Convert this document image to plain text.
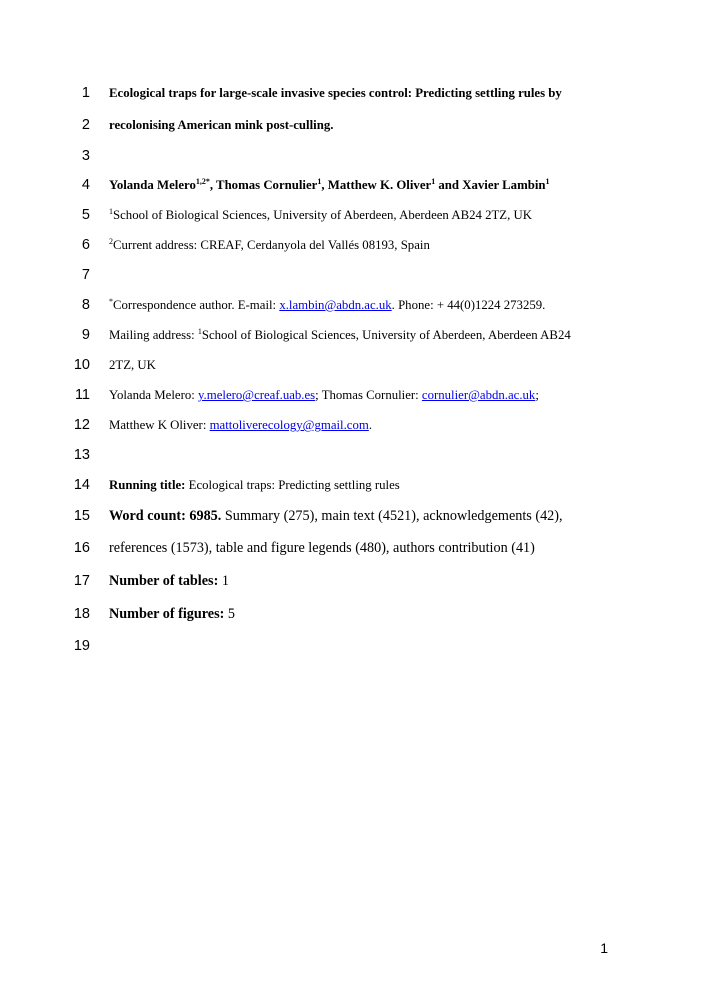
1
2
3
4
5
6
7
8
9
10
11
12
13
14
15
16
17
18
19
Ecological traps for large-scale invasive species control: Predicting settling rules by
recolonising American mink post-culling.
Yolanda Melero$^{1,2*}$, Thomas Cornulier$^1$, Matthew K. Oliver$^1$ and Xavier Lambin$^1$
$^1$School of Biological Sciences, University of Aberdeen, Aberdeen AB24 2TZ, UK
$^2$Current address: CREAF, Cerdanyola del Vallés 08193, Spain
*Correspondence author. E-mail: x.lambin@abdn.ac.uk. Phone: + 44(0)1224 273259.
Mailing address: $^1$School of Biological Sciences, University of Aberdeen, Aberdeen AB24
2TZ, UK
Yolanda Melero: y.melero@creaf.uab.es; Thomas Cornulier: cornulier@abdn.ac.uk;
Matthew K Oliver: mattoliverecology@gmail.com.
Running title: Ecological traps: Predicting settling rules
Word count: 6985. Summary (275), main text (4521), acknowledgements (42),
references (1573), table and figure legends (480), authors contribution (41)
Number of tables: 1
Number of figures: 5
1
